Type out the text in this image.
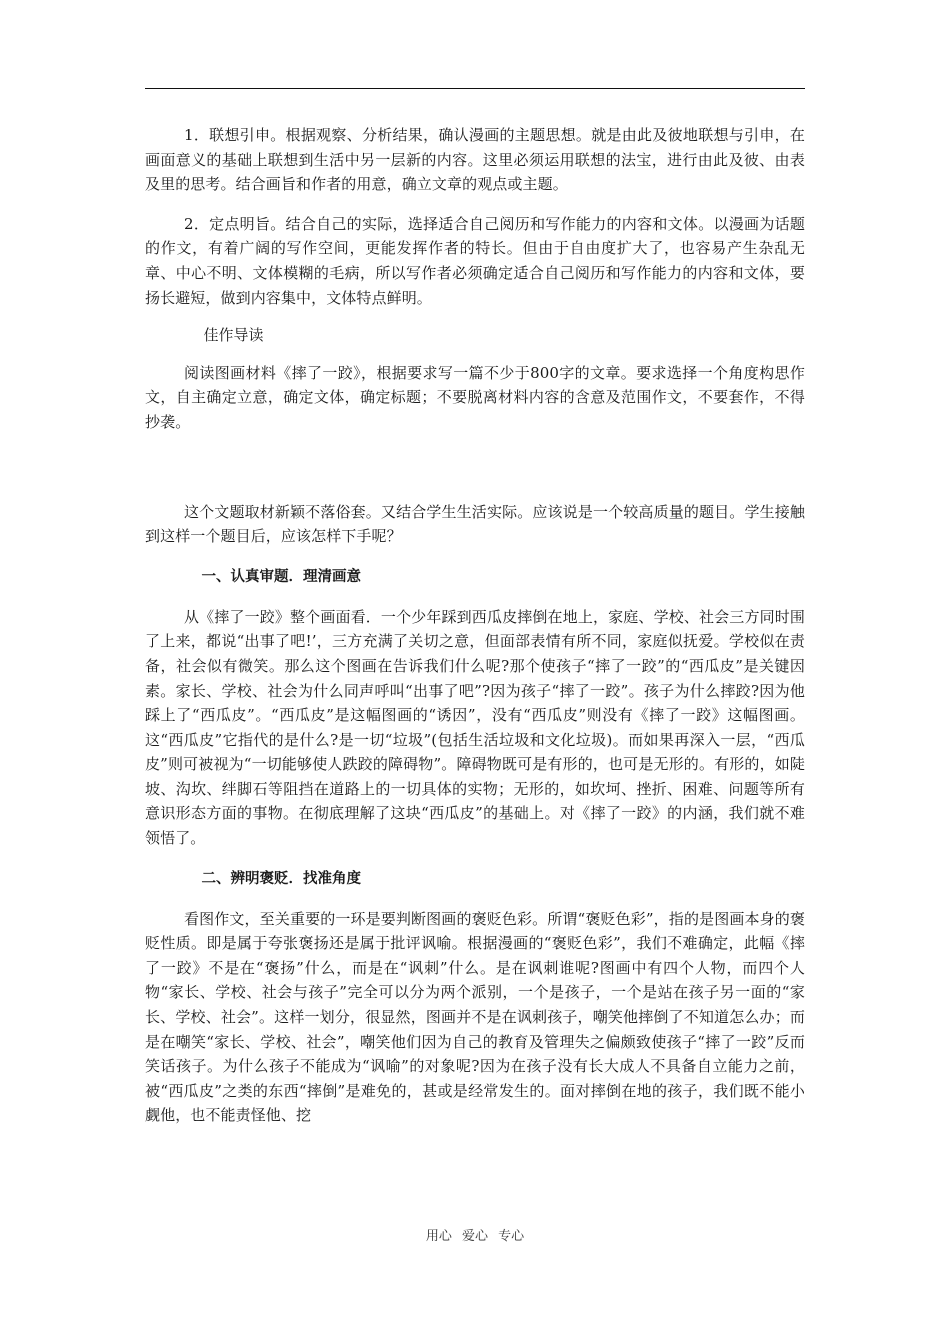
1．联想引申。根据观察、分析结果，确认漫画的主题思想。就是由此及彼地联想与引申，在画面意义的基础上联想到生活中另一层新的内容。这里必须运用联想的法宝，进行由此及彼、由表及里的思考。结合画旨和作者的用意，确立文章的观点或主题。

2．定点明旨。结合自己的实际，选择适合自己阅历和写作能力的内容和文体。以漫画为话题的作文，有着广阔的写作空间，更能发挥作者的特长。但由于自由度扩大了，也容易产生杂乱无章、中心不明、文体模糊的毛病，所以写作者必须确定适合自己阅历和写作能力的内容和文体，要扬长避短，做到内容集中，文体特点鲜明。

佳作导读

阅读图画材料《摔了一跤》，根据要求写一篇不少于800字的文章。要求选择一个角度构思作文，自主确定立意，确定文体，确定标题；不要脱离材料内容的含意及范围作文，不要套作，不得抄袭。

这个文题取材新颖不落俗套。又结合学生生活实际。应该说是一个较高质量的题目。学生接触到这样一个题目后，应该怎样下手呢？

一、认真审题．理清画意

从《摔了一跤》整个画面看．一个少年踩到西瓜皮摔倒在地上，家庭、学校、社会三方同时围了上来，都说“出事了吧!’，三方充满了关切之意，但面部表情有所不同，家庭似抚爱。学校似在责备，社会似有微笑。那么这个图画在告诉我们什么呢?那个使孩子“摔了一跤”的“西瓜皮”是关键因素。家长、学校、社会为什么同声呼叫“出事了吧”?因为孩子“摔了一跤”。孩子为什么摔跤?因为他踩上了“西瓜皮”。“西瓜皮”是这幅图画的“诱因”，没有“西瓜皮”则没有《摔了一跤》这幅图画。这“西瓜皮”它指代的是什么?是一切“垃圾”(包括生活垃圾和文化垃圾)。而如果再深入一层，“西瓜皮”则可被视为“一切能够使人跌跤的障碍物”。障碍物既可是有形的，也可是无形的。有形的，如陡坡、沟坎、绊脚石等阻挡在道路上的一切具体的实物；无形的，如坎坷、挫折、困难、问题等所有意识形态方面的事物。在彻底理解了这块“西瓜皮”的基础上。对《摔了一跤》的内涵，我们就不难领悟了。

二、辨明褒贬．找准角度

看图作文，至关重要的一环是要判断图画的褒贬色彩。所谓“褒贬色彩”，指的是图画本身的褒贬性质。即是属于夸张褒扬还是属于批评讽喻。根据漫画的“褒贬色彩”，我们不难确定，此幅《摔了一跤》不是在“褒扬”什么，而是在“讽刺”什么。是在讽刺谁呢?图画中有四个人物，而四个人物“家长、学校、社会与孩子”完全可以分为两个派别，一个是孩子，一个是站在孩子另一面的“家长、学校、社会”。这样一划分，很显然，图画并不是在讽刺孩子，嘲笑他摔倒了不知道怎么办；而是在嘲笑“家长、学校、社会”，嘲笑他们因为自己的教育及管理失之偏颇致使孩子“摔了一跤”反而笑话孩子。为什么孩子不能成为“讽喻”的对象呢?因为在孩子没有长大成人不具备自立能力之前，被“西瓜皮”之类的东西“摔倒”是难免的，甚或是经常发生的。面对摔倒在地的孩子，我们既不能小觑他，也不能责怪他、挖

用心 爱心 专心
